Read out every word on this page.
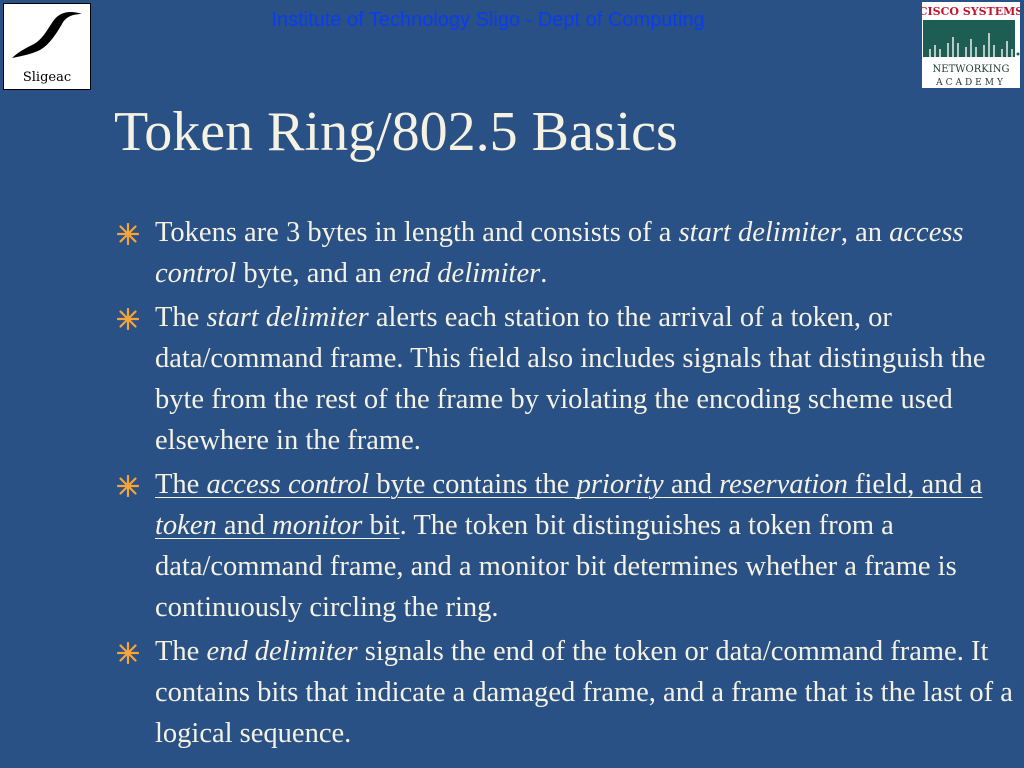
Institute of Technology Sligo - Dept of Computing
Sligeac
CISCO SYSTEMS
NETWORKING
ACADEMY
Token Ring/802.5 Basics
Tokens are 3 bytes in length and consists of a start delimiter, an access control byte, and an end delimiter.
The start delimiter alerts each station to the arrival of a token, or data/command frame. This field also includes signals that distinguish the byte from the rest of the frame by violating the encoding scheme used elsewhere in the frame.
The access control byte contains the priority and reservation field, and a token and monitor bit. The token bit distinguishes a token from a data/command frame, and a monitor bit determines whether a frame is continuously circling the ring.
The end delimiter signals the end of the token or data/command frame. It contains bits that indicate a damaged frame, and a frame that is the last of a logical sequence.
